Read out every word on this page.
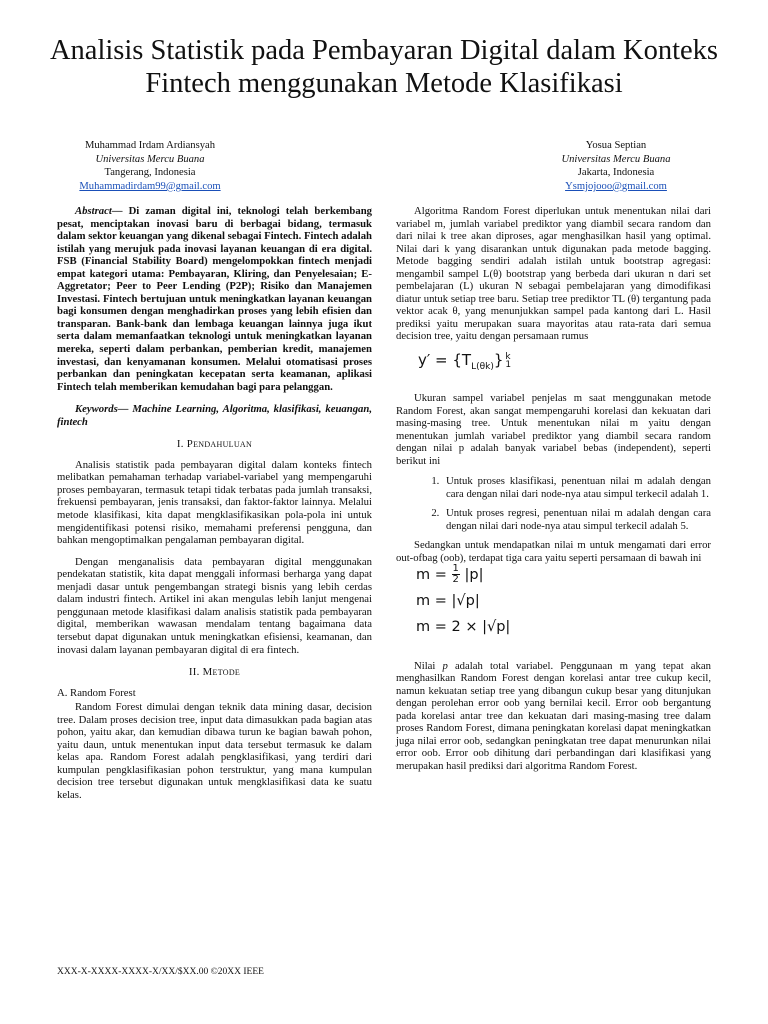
Analisis Statistik pada Pembayaran Digital dalam Konteks Fintech menggunakan Metode Klasifikasi
Muhammad Irdam Ardiansyah
Universitas Mercu Buana
Tangerang, Indonesia
Muhammadirdam99@gmail.com
Yosua Septian
Universitas Mercu Buana
Jakarta, Indonesia
Ysmjojooo@gmail.com

Abstract— Di zaman digital ini, teknologi telah berkembang pesat, menciptakan inovasi baru di berbagai bidang, termasuk dalam sektor keuangan yang dikenal sebagai Fintech. Fintech adalah istilah yang merujuk pada inovasi layanan keuangan di era digital. FSB (Financial Stability Board) mengelompokkan fintech menjadi empat kategori utama: Pembayaran, Kliring, dan Penyelesaian; E-Aggretator; Peer to Peer Lending (P2P); Risiko dan Manajemen Investasi. Fintech bertujuan untuk meningkatkan layanan keuangan bagi konsumen dengan menghadirkan proses yang lebih efisien dan transparan. Bank-bank dan lembaga keuangan lainnya juga ikut serta dalam memanfaatkan teknologi untuk meningkatkan layanan mereka, seperti dalam perbankan, pemberian kredit, manajemen investasi, dan kenyamanan konsumen. Melalui otomatisasi proses perbankan dan peningkatan kecepatan serta keamanan, aplikasi Fintech telah memberikan kemudahan bagi para pelanggan.

Keywords— Machine Learning, Algoritma, klasifikasi, keuangan, fintech

I. Pendahuluan

Analisis statistik pada pembayaran digital dalam konteks fintech melibatkan pemahaman terhadap variabel-variabel yang mempengaruhi proses pembayaran, termasuk tetapi tidak terbatas pada jumlah transaksi, frekuensi pembayaran, jenis transaksi, dan faktor-faktor lainnya. Melalui metode klasifikasi, kita dapat mengklasifikasikan pola-pola ini untuk mengidentifikasi potensi risiko, memahami preferensi pengguna, dan bahkan mengoptimalkan pengalaman pembayaran digital.

Dengan menganalisis data pembayaran digital menggunakan pendekatan statistik, kita dapat menggali informasi berharga yang dapat menjadi dasar untuk pengembangan strategi bisnis yang lebih cerdas dalam industri fintech. Artikel ini akan mengulas lebih lanjut mengenai penggunaan metode klasifikasi dalam analisis statistik pada pembayaran digital, memberikan wawasan mendalam tentang bagaimana data tersebut dapat digunakan untuk meningkatkan efisiensi, keamanan, dan inovasi dalam layanan pembayaran digital di era fintech.

II. Metode

A. Random Forest

Random Forest dimulai dengan teknik data mining dasar, decision tree. Dalam proses decision tree, input data dimasukkan pada bagian atas pohon, yaitu akar, dan kemudian dibawa turun ke bagian bawah pohon, yaitu daun, untuk menentukan input data tersebut termasuk ke dalam kelas apa. Random Forest adalah pengklasifikasi, yang terdiri dari kumpulan pengklasifikasian pohon terstruktur, yang mana kumpulan decision tree tersebut digunakan untuk mengklasifikasi data ke suatu kelas.

Algoritma Random Forest diperlukan untuk menentukan nilai dari variabel m, jumlah variabel prediktor yang diambil secara random dan dari nilai k tree akan diproses, agar menghasilkan hasil yang optimal. Nilai dari k yang disarankan untuk digunakan pada metode bagging. Metode bagging sendiri adalah istilah untuk bootstrap agregasi: mengambil sampel L(θ) bootstrap yang berbeda dari ukuran n dari set pembelajaran (L) ukuran N sebagai pembelajaran yang dimodifikasi diatur untuk setiap tree baru. Setiap tree prediktor TL (θ) tergantung pada vektor acak θ, yang menunjukkan sampel pada kantong dari L. Hasil prediksi yaitu merupakan suara mayoritas atau rata-rata dari semua decision tree, yaitu dengan persamaan rumus

$y' = \{T_{L(\theta k)}\}$ k
1

Ukuran sampel variabel penjelas m saat menggunakan metode Random Forest, akan sangat mempengaruhi korelasi dan kekuatan dari masing-masing tree. Untuk menentukan nilai m yaitu dengan menentukan jumlah variabel prediktor yang diambil secara random dengan nilai p adalah banyak variabel bebas (independent), seperti berikut ini

1. Untuk proses klasifikasi, penentuan nilai m adalah dengan cara dengan nilai dari node-nya atau simpul terkecil adalah 1.
2. Untuk proses regresi, penentuan nilai m adalah dengan cara dengan nilai dari node-nya atau simpul terkecil adalah 5.

Sedangkan untuk mendapatkan nilai m untuk mengamati dari error out-ofbag (oob), terdapat tiga cara yaitu seperti persamaan di bawah ini

$m = \frac{1}{2} |p|$
m = |√p|
m = 2 × |√p|

Nilai p adalah total variabel. Penggunaan m yang tepat akan menghasilkan Random Forest dengan korelasi antar tree cukup kecil, namun kekuatan setiap tree yang dibangun cukup besar yang ditunjukan dengan perolehan error oob yang bernilai kecil. Error oob bergantung pada korelasi antar tree dan kekuatan dari masing-masing tree dalam proses Random Forest, dimana peningkatan korelasi dapat meningkatkan juga nilai error oob, sedangkan peningkatan tree dapat menurunkan nilai error oob. Error oob dihitung dari perbandingan dari klasifikasi yang merupakan hasil prediksi dari algoritma Random Forest.

XXX-X-XXXX-XXXX-X/XX/$XX.00 ©20XX IEEE
